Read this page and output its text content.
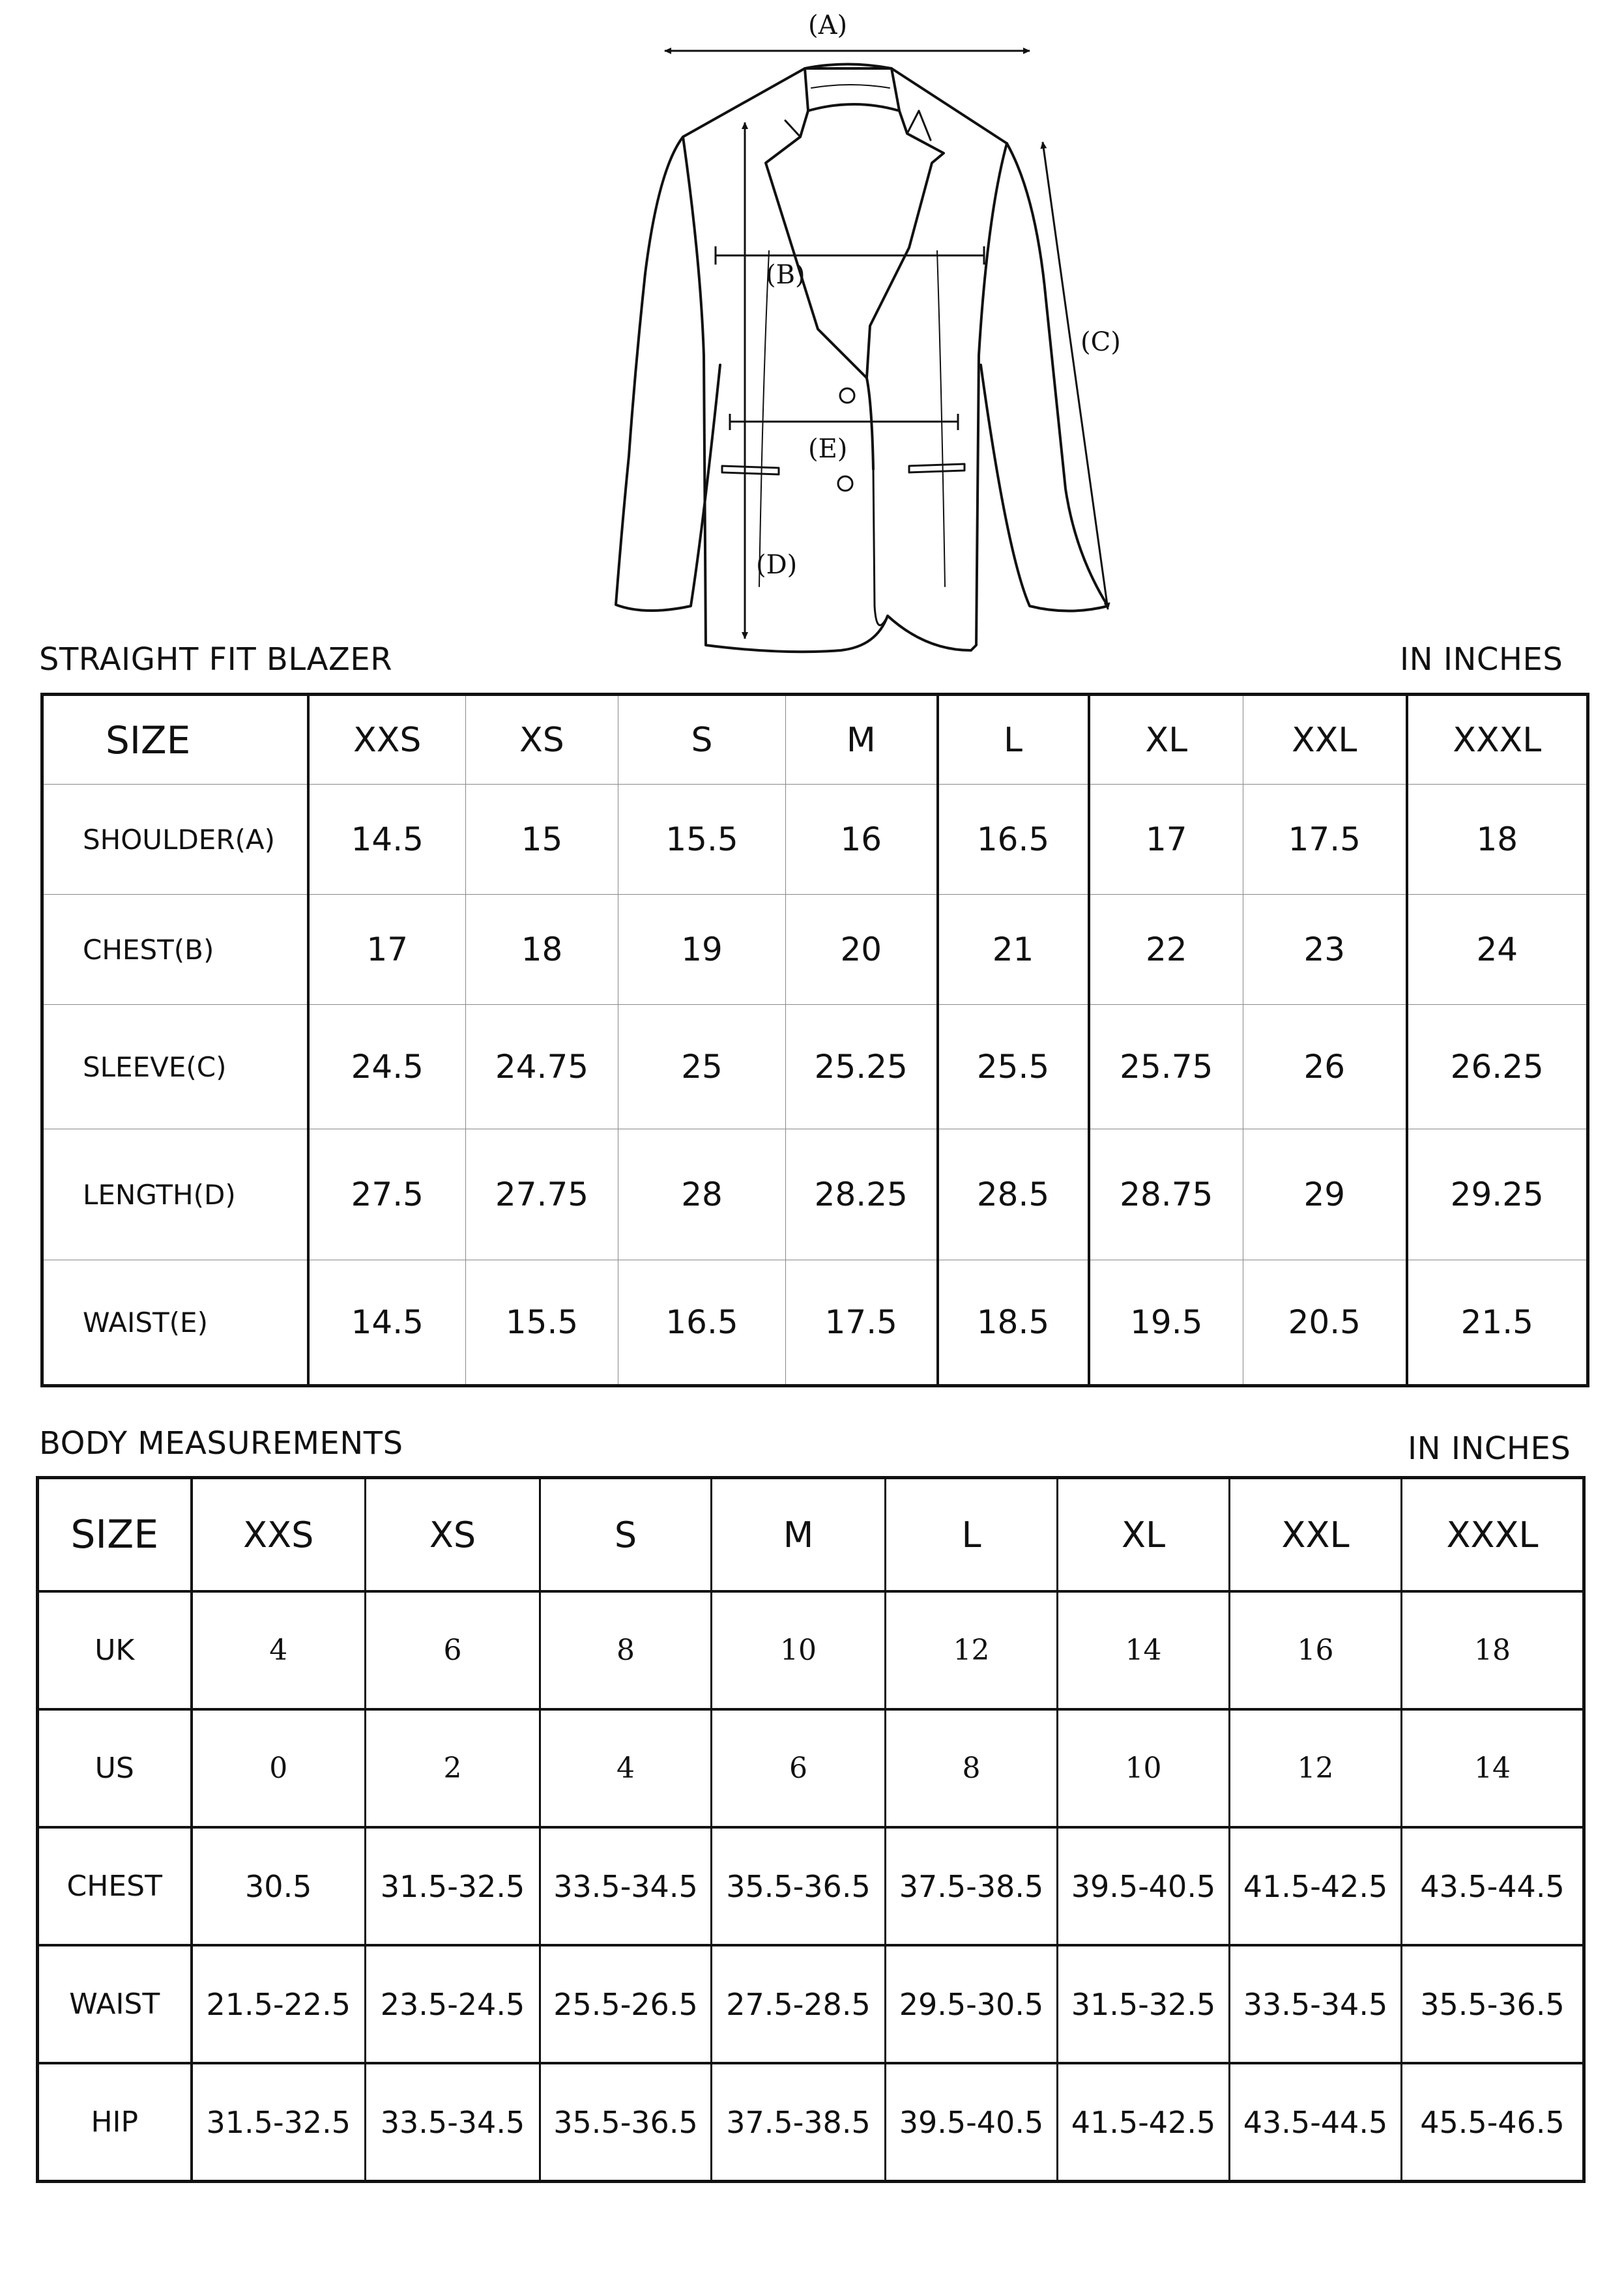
(A)
(B)
(C)
(D)
(E)
STRAIGHT FIT BLAZER	IN INCHES
SIZE	XXS	XS	S	M	L	XL	XXL	XXXL
SHOULDER(A)	14.5	15	15.5	16	16.5	17	17.5	18
CHEST(B)	17	18	19	20	21	22	23	24
SLEEVE(C)	24.5	24.75	25	25.25	25.5	25.75	26	26.25
LENGTH(D)	27.5	27.75	28	28.25	28.5	28.75	29	29.25
WAIST(E)	14.5	15.5	16.5	17.5	18.5	19.5	20.5	21.5
BODY MEASUREMENTS	IN INCHES
SIZE	XXS	XS	S	M	L	XL	XXL	XXXL
UK	4	6	8	10	12	14	16	18
US	0	2	4	6	8	10	12	14
CHEST	30.5	31.5-32.5	33.5-34.5	35.5-36.5	37.5-38.5	39.5-40.5	41.5-42.5	43.5-44.5
WAIST	21.5-22.5	23.5-24.5	25.5-26.5	27.5-28.5	29.5-30.5	31.5-32.5	33.5-34.5	35.5-36.5
HIP	31.5-32.5	33.5-34.5	35.5-36.5	37.5-38.5	39.5-40.5	41.5-42.5	43.5-44.5	45.5-46.5
